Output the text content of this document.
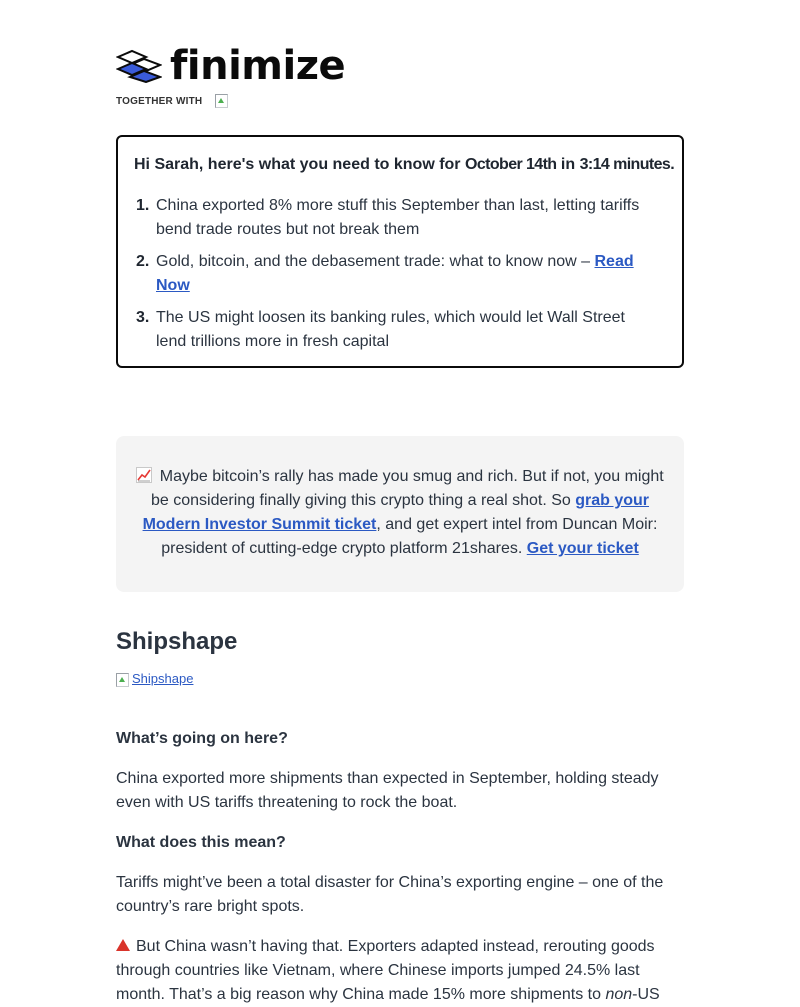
finimize
TOGETHER WITH
Hi Sarah, here's what you need to know for October 14th in 3:14 minutes.
1. China exported 8% more stuff this September than last, letting tariffs bend trade routes but not break them
2. Gold, bitcoin, and the debasement trade: what to know now – Read Now
3. The US might loosen its banking rules, which would let Wall Street lend trillions more in fresh capital
Maybe bitcoin’s rally has made you smug and rich. But if not, you might be considering finally giving this crypto thing a real shot. So grab your Modern Investor Summit ticket, and get expert intel from Duncan Moir: president of cutting-edge crypto platform 21shares. Get your ticket
Shipshape
Shipshape
What’s going on here?

China exported more shipments than expected in September, holding steady even with US tariffs threatening to rock the boat.

What does this mean?

Tariffs might’ve been a total disaster for China’s exporting engine – one of the country’s rare bright spots.

But China wasn’t having that. Exporters adapted instead, rerouting goods through countries like Vietnam, where Chinese imports jumped 24.5% last month. That’s a big reason why China made 15% more shipments to non-US
